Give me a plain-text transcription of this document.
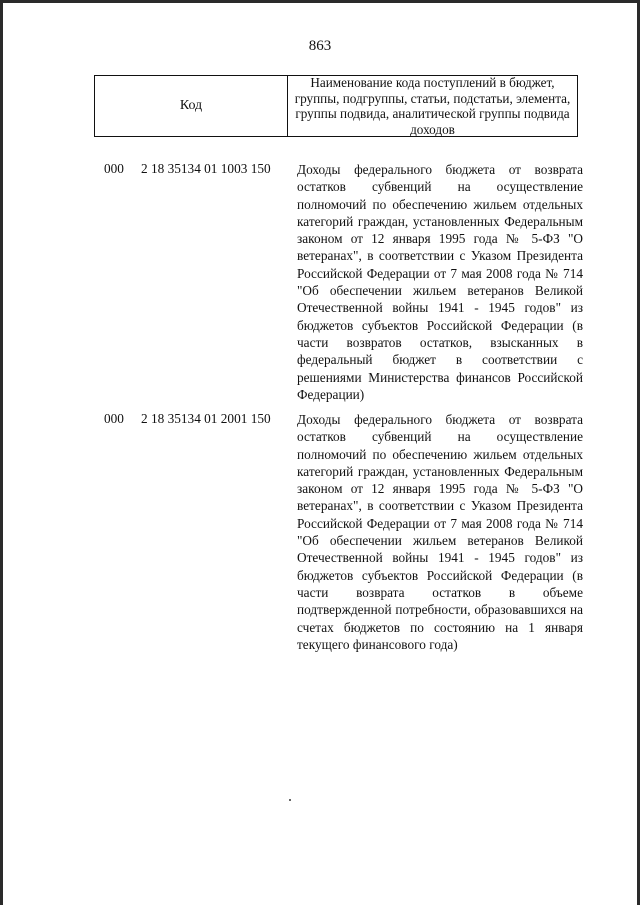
863
Код
Наименование кода поступлений в бюджет, группы, подгруппы, статьи, подстатьи, элемента, группы подвида, аналитической группы подвида доходов
000 2 18 35134 01 1003 150 Доходы федерального бюджета от возврата остатков субвенций на осуществление полномочий по обеспечению жильем отдельных категорий граждан, установленных Федеральным законом от 12 января 1995 года № 5-ФЗ "О ветеранах", в соответствии с Указом Президента Российской Федерации от 7 мая 2008 года № 714 "Об обеспечении жильем ветеранов Великой Отечественной войны 1941 - 1945 годов" из бюджетов субъектов Российской Федерации (в части возвратов остатков, взысканных в федеральный бюджет в соответствии с решениями Министерства финансов Российской Федерации)
000 2 18 35134 01 2001 150 Доходы федерального бюджета от возврата остатков субвенций на осуществление полномочий по обеспечению жильем отдельных категорий граждан, установленных Федеральным законом от 12 января 1995 года № 5-ФЗ "О ветеранах", в соответствии с Указом Президента Российской Федерации от 7 мая 2008 года № 714 "Об обеспечении жильем ветеранов Великой Отечественной войны 1941 - 1945 годов" из бюджетов субъектов Российской Федерации (в части возврата остатков в объеме подтвержденной потребности, образовавшихся на счетах бюджетов по состоянию на 1 января текущего финансового года)
